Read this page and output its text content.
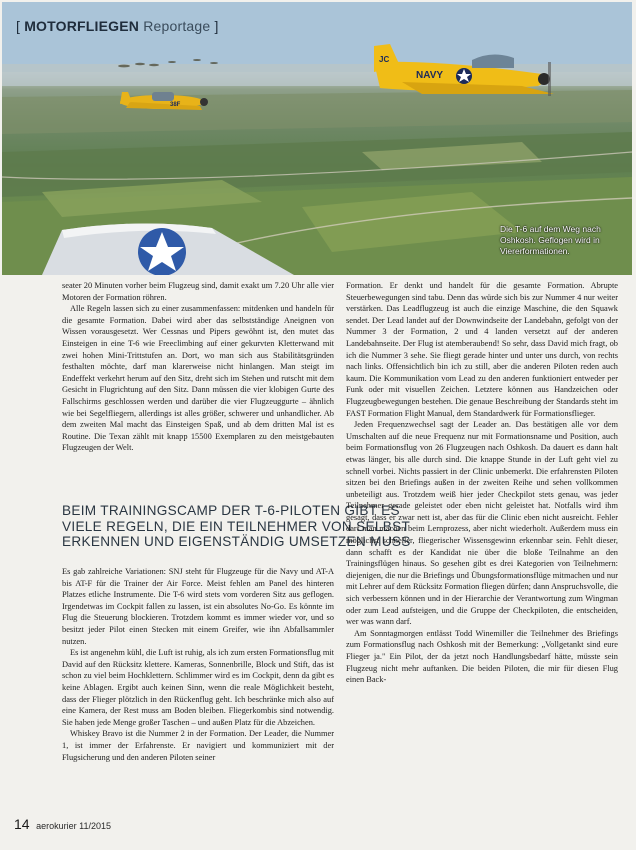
38F
JC
NAVY
[ MOTORFLIEGEN Reportage ]
Die T-6 auf dem Weg nach Oshkosh. Geflogen wird in Viererformationen.

seater 20 Minuten vorher beim Flugzeug sind, damit exakt um 7.20 Uhr alle vier Motoren der Formation röhren.

Alle Regeln lassen sich zu einer zusammenfassen: mitdenken und handeln für die gesamte Formation. Dabei wird aber das selbstständige Aneignen von Wissen vorausgesetzt. Wer Cessnas und Pipers gewöhnt ist, den mutet das Einsteigen in eine T-6 wie Freeclimbing auf einer gekurvten Kletterwand mit zwei hohen Mini-Trittstufen an. Dort, wo man sich aus Stabilitätsgründen festhalten möchte, darf man klarerweise nicht hinlangen. Man steigt im Endeffekt verkehrt herum auf den Sitz, dreht sich im Stehen und rutscht mit dem Gesicht in Flugrichtung auf den Sitz. Dann müssen die vier klobigen Gurte des Fallschirms geschlossen werden und darüber die vier Flugzeuggurte – ähnlich wie bei Segelfliegern, allerdings ist alles größer, schwerer und unhandlicher. Ab dem zweiten Mal macht das Einsteigen Spaß, und ab dem dritten Mal ist es Routine. Die Texan zählt mit knapp 15500 Exemplaren zu den meistgebauten Flugzeugen der Welt.

BEIM TRAININGSCAMP DER T-6-PILOTEN GIBT ES VIELE REGELN, DIE EIN TEILNEHMER VON SELBST ERKENNEN UND EIGENSTÄNDIG UMSETZEN MUSS

Es gab zahlreiche Variationen: SNJ steht für Flugzeuge für die Navy und AT-A bis AT-F für die Trainer der Air Force. Meist fehlen am Panel des hinteren Platzes etliche Instrumente. Die T-6 wird stets vom vorderen Sitz aus geflogen. Irgendetwas im Cockpit fallen zu lassen, ist ein absolutes No-Go. Es könnte im Flug die Steuerung blockieren. Trotzdem kommt es immer wieder vor, und so besitzt jeder Pilot einen Stecken mit einem Greifer, wie ihn Abfallsammler nutzen.

Es ist angenehm kühl, die Luft ist ruhig, als ich zum ersten Formationsflug mit David auf den Rücksitz klettere. Kameras, Sonnenbrille, Block und Stift, das ist schon zu viel beim Hochklettern. Schlimmer wird es im Cockpit, denn da gibt es keine Ablagen. Ergibt auch keinen Sinn, wenn die reale Möglichkeit besteht, dass der Flieger plötzlich in den Rückenflug geht. Ich beschränke mich also auf eine Kamera, der Rest muss am Boden bleiben. Fliegerkombis sind notwendig. Sie haben jede Menge großer Taschen – und außen Platz für die Abzeichen.

Whiskey Bravo ist die Nummer 2 in der Formation. Der Leader, die Nummer 1, ist immer der Erfahrenste. Er navigiert und kommuniziert mit der Flugsicherung und den anderen Piloten seiner

Formation. Er denkt und handelt für die gesamte Formation. Abrupte Steuerbewegungen sind tabu. Denn das würde sich bis zur Nummer 4 nur weiter verstärken. Das Leadflugzeug ist auch die einzige Maschine, die den Squawk sendet. Der Lead landet auf der Downwindseite der Landebahn, gefolgt von der Nummer 3 der Formation, 2 und 4 landen versetzt auf der anderen Landebahnseite. Der Flug ist atemberaubend! So sehr, dass David mich fragt, ob ich die Nummer 3 sehe. Sie fliegt gerade hinter und unter uns durch, von rechts nach links. Offensichtlich bin ich zu still, aber die anderen Piloten reden auch kaum. Die Kommunikation vom Lead zu den anderen funktioniert entweder per Funk oder mit visuellen Zeichen. Letztere können aus Handzeichen oder Flugzeugbewegungen bestehen. Die genaue Beschreibung der Standards steht im FAST Formation Flight Manual, dem Standardwerk für Formationsflieger.

Jeden Frequenzwechsel sagt der Leader an. Das bestätigen alle vor dem Umschalten auf die neue Frequenz nur mit Formationsname und Position, auch beim Formationsflug von 26 Flugzeugen nach Oshkosh. Da dauert es dann halt etwas länger, bis alle durch sind. Die knappe Stunde in der Luft geht viel zu schnell vorbei. Nichts passiert in der Clinic unbemerkt. Die erfahrensten Piloten sitzen bei den Briefings außen in der zweiten Reihe und sehen vollkommen unbeteiligt aus. Trotzdem weiß hier jeder Checkpilot stets genau, was jeder Teilnehmer gerade geleistet oder eben nicht geleistet hat. Notfalls wird ihm gesagt, dass er zwar nett ist, aber das für die Clinic eben nicht ausreicht. Fehler darf man machen beim Lernprozess, aber nicht wiederholt. Außerdem muss ein möglichst schneller, fliegerischer Wissensgewinn erkennbar sein. Fehlt dieser, dann schafft es der Kandidat nie über die bloße Teilnahme an den Trainingsflügen hinaus. So gesehen gibt es drei Kategorien von Teilnehmern: diejenigen, die nur die Briefings und Übungsformationsflüge mitmachen und nur mit Lehrer auf dem Rücksitz Formation fliegen dürfen; dann Anspruchsvolle, die sich verbessern können und in der Hierarchie der Verantwortung zum Wingman oder zum Lead aufsteigen, und die Gruppe der Checkpiloten, die entscheiden, wer was wann darf.

Am Sonntagmorgen entlässt Todd Winemiller die Teilnehmer des Briefings zum Formationsflug nach Oshkosh mit der Bemerkung: „Vollgetankt sind eure Flieger ja." Ein Pilot, der da jetzt noch Handlungsbedarf hätte, müsste sein Flugzeug nicht mehr auftanken. Die beiden Piloten, die mir für diesen Flug einen Back-

14 aerokurier 11/2015
